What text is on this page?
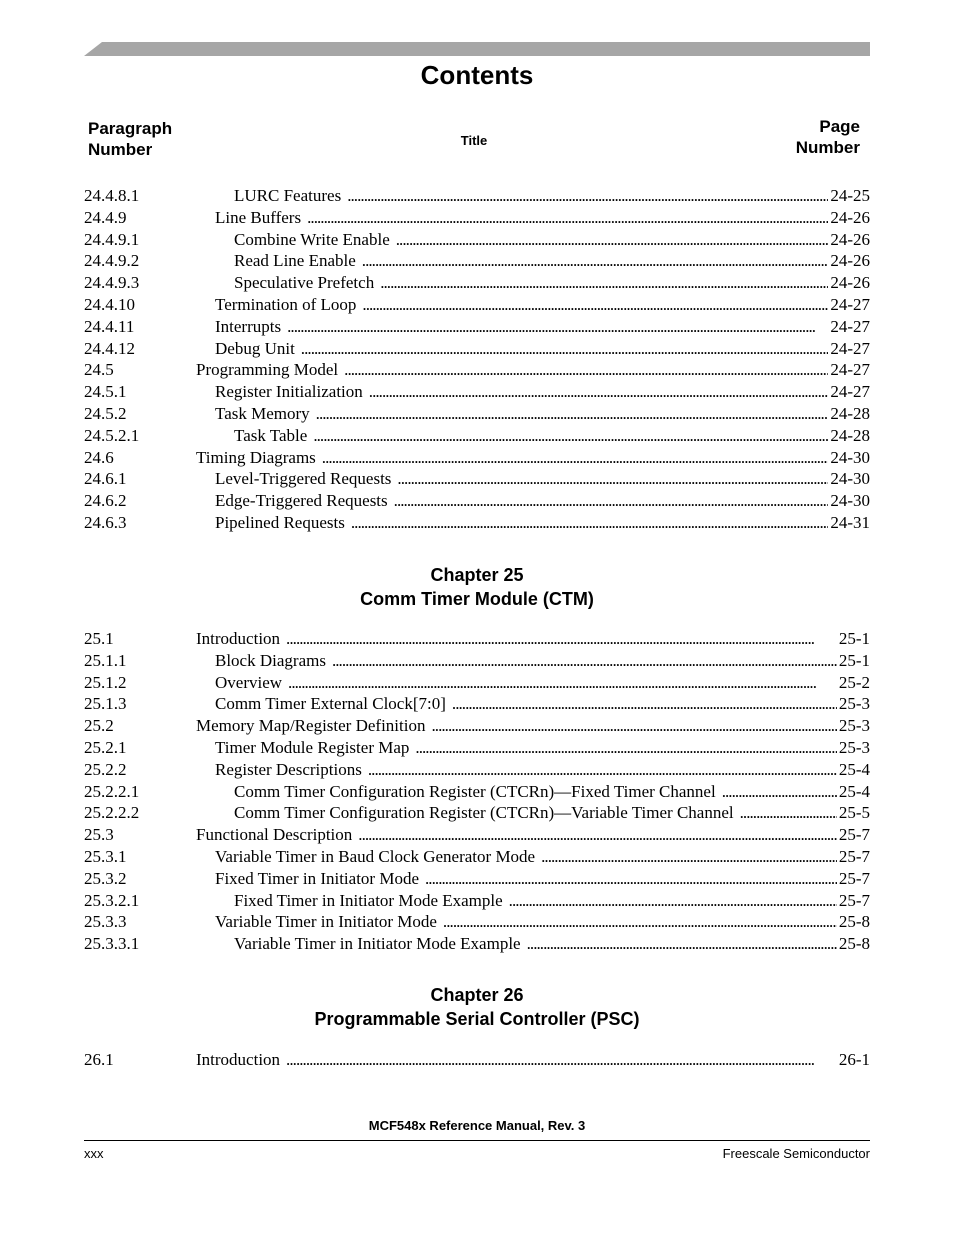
Contents
Paragraph Number	Title
Page Number
24.4.8.1	LURC Features . . .	24-25
24.4.9	Line Buffers . . .	24-26
24.4.9.1	Combine Write Enable . . .	24-26
24.4.9.2	Read Line Enable . . .	24-26
24.4.9.3	Speculative Prefetch . . .	24-26
24.4.10	Termination of Loop . . .	24-27
24.4.11	Interrupts . . .	24-27
24.4.12	Debug Unit . . .	24-27
24.5	Programming Model . . .	24-27
24.5.1	Register Initialization . . .	24-27
24.5.2	Task Memory . . .	24-28
24.5.2.1	Task Table . . .	24-28
24.6	Timing Diagrams . . .	24-30
24.6.1	Level-Triggered Requests . . .	24-30
24.6.2	Edge-Triggered Requests . . .	24-30
24.6.3	Pipelined Requests . . .	24-31
Chapter 25
Comm Timer Module (CTM)
25.1	Introduction . . .	25-1
25.1.1	Block Diagrams . . .	25-1
25.1.2	Overview . . .	25-2
25.1.3	Comm Timer External Clock[7:0] . . .	25-3
25.2	Memory Map/Register Definition . . .	25-3
25.2.1	Timer Module Register Map . . .	25-3
25.2.2	Register Descriptions . . .	25-4
25.2.2.1	Comm Timer Configuration Register (CTCRn)—Fixed Timer Channel . . .	25-4
25.2.2.2	Comm Timer Configuration Register (CTCRn)—Variable Timer Channel . . .	25-5
25.3	Functional Description . . .	25-7
25.3.1	Variable Timer in Baud Clock Generator Mode . . .	25-7
25.3.2	Fixed Timer in Initiator Mode . . .	25-7
25.3.2.1	Fixed Timer in Initiator Mode Example . . .	25-7
25.3.3	Variable Timer in Initiator Mode . . .	25-8
25.3.3.1	Variable Timer in Initiator Mode Example . . .	25-8
Chapter 26
Programmable Serial Controller (PSC)
26.1	Introduction . . .	26-1
MCF548x Reference Manual, Rev. 3
xxx	Freescale Semiconductor
